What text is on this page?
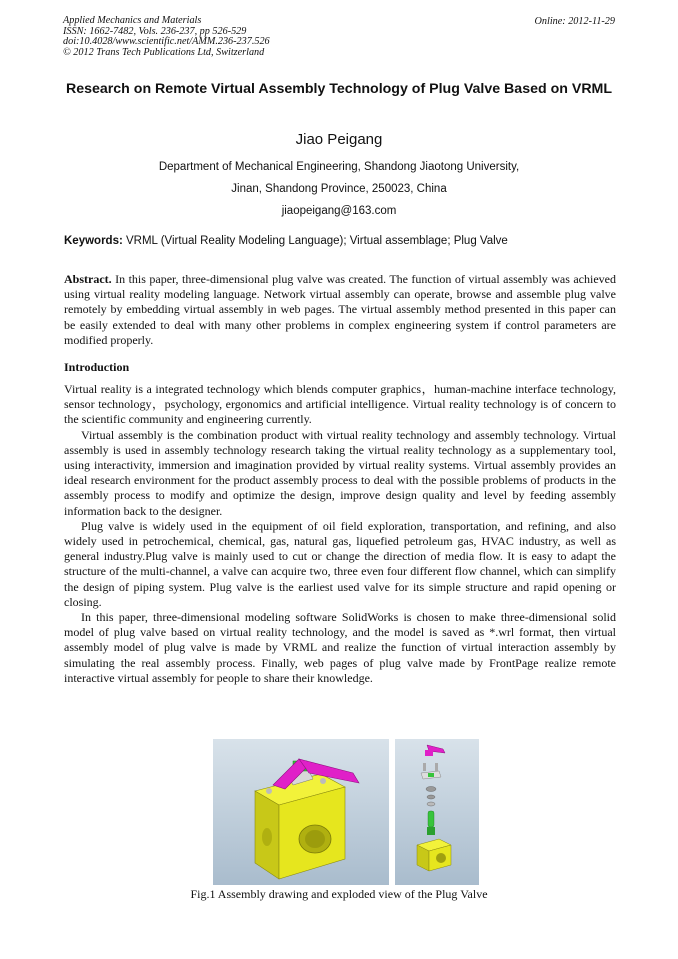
Applied Mechanics and Materials
ISSN: 1662-7482, Vols. 236-237, pp 526-529
doi:10.4028/www.scientific.net/AMM.236-237.526
© 2012 Trans Tech Publications Ltd, Switzerland
Online: 2012-11-29
Research on Remote Virtual Assembly Technology of Plug Valve Based on VRML
Jiao Peigang
Department of Mechanical Engineering, Shandong Jiaotong University,
Jinan, Shandong Province, 250023, China
jiaopeigang@163.com
Keywords: VRML (Virtual Reality Modeling Language); Virtual assemblage; Plug Valve
Abstract. In this paper, three-dimensional plug valve was created. The function of virtual assembly was achieved using virtual reality modeling language. Network virtual assembly can operate, browse and assemble plug valve remotely by embedding virtual assembly in web pages. The virtual assembly method presented in this paper can be easily extended to deal with many other problems in complex engineering system if control parameters are modified properly.
Introduction

Virtual reality is a integrated technology which blends computer graphics，human-machine interface technology, sensor technology，psychology, ergonomics and artificial intelligence. Virtual reality technology is of concern to the scientific community and engineering currently.

Virtual assembly is the combination product with virtual reality technology and assembly technology. Virtual assembly is used in assembly technology research taking the virtual reality technology as a supplementary tool, using interactivity, immersion and imagination provided by virtual reality systems. Virtual assembly provides an ideal research environment for the product assembly process to deal with the possible problems of products in the assembly process to modify and optimize the design, improve design quality and level by feeding assembly information back to the designer.

Plug valve is widely used in the equipment of oil field exploration, transportation, and refining, and also widely used in petrochemical, chemical, gas, natural gas, liquefied petroleum gas, HVAC industry, as well as general industry.Plug valve is mainly used to cut or change the direction of media flow. It is easy to adapt the structure of the multi-channel, a valve can acquire two, three even four different flow channel, which can simplify the design of piping system. Plug valve is the earliest used valve for its simple structure and rapid opening or closing.

In this paper, three-dimensional modeling software SolidWorks is chosen to make three-dimensional solid model of plug valve based on virtual reality technology, and the model is saved as *.wrl format, then virtual assembly model of plug valve is made by VRML and realize the function of virtual interaction assembly by simulating the real assembly process. Finally, web pages of plug valve made by FrontPage realize remote interactive virtual assembly for people to share their knowledge.

Fig.1 Assembly drawing and exploded view of the Plug Valve
